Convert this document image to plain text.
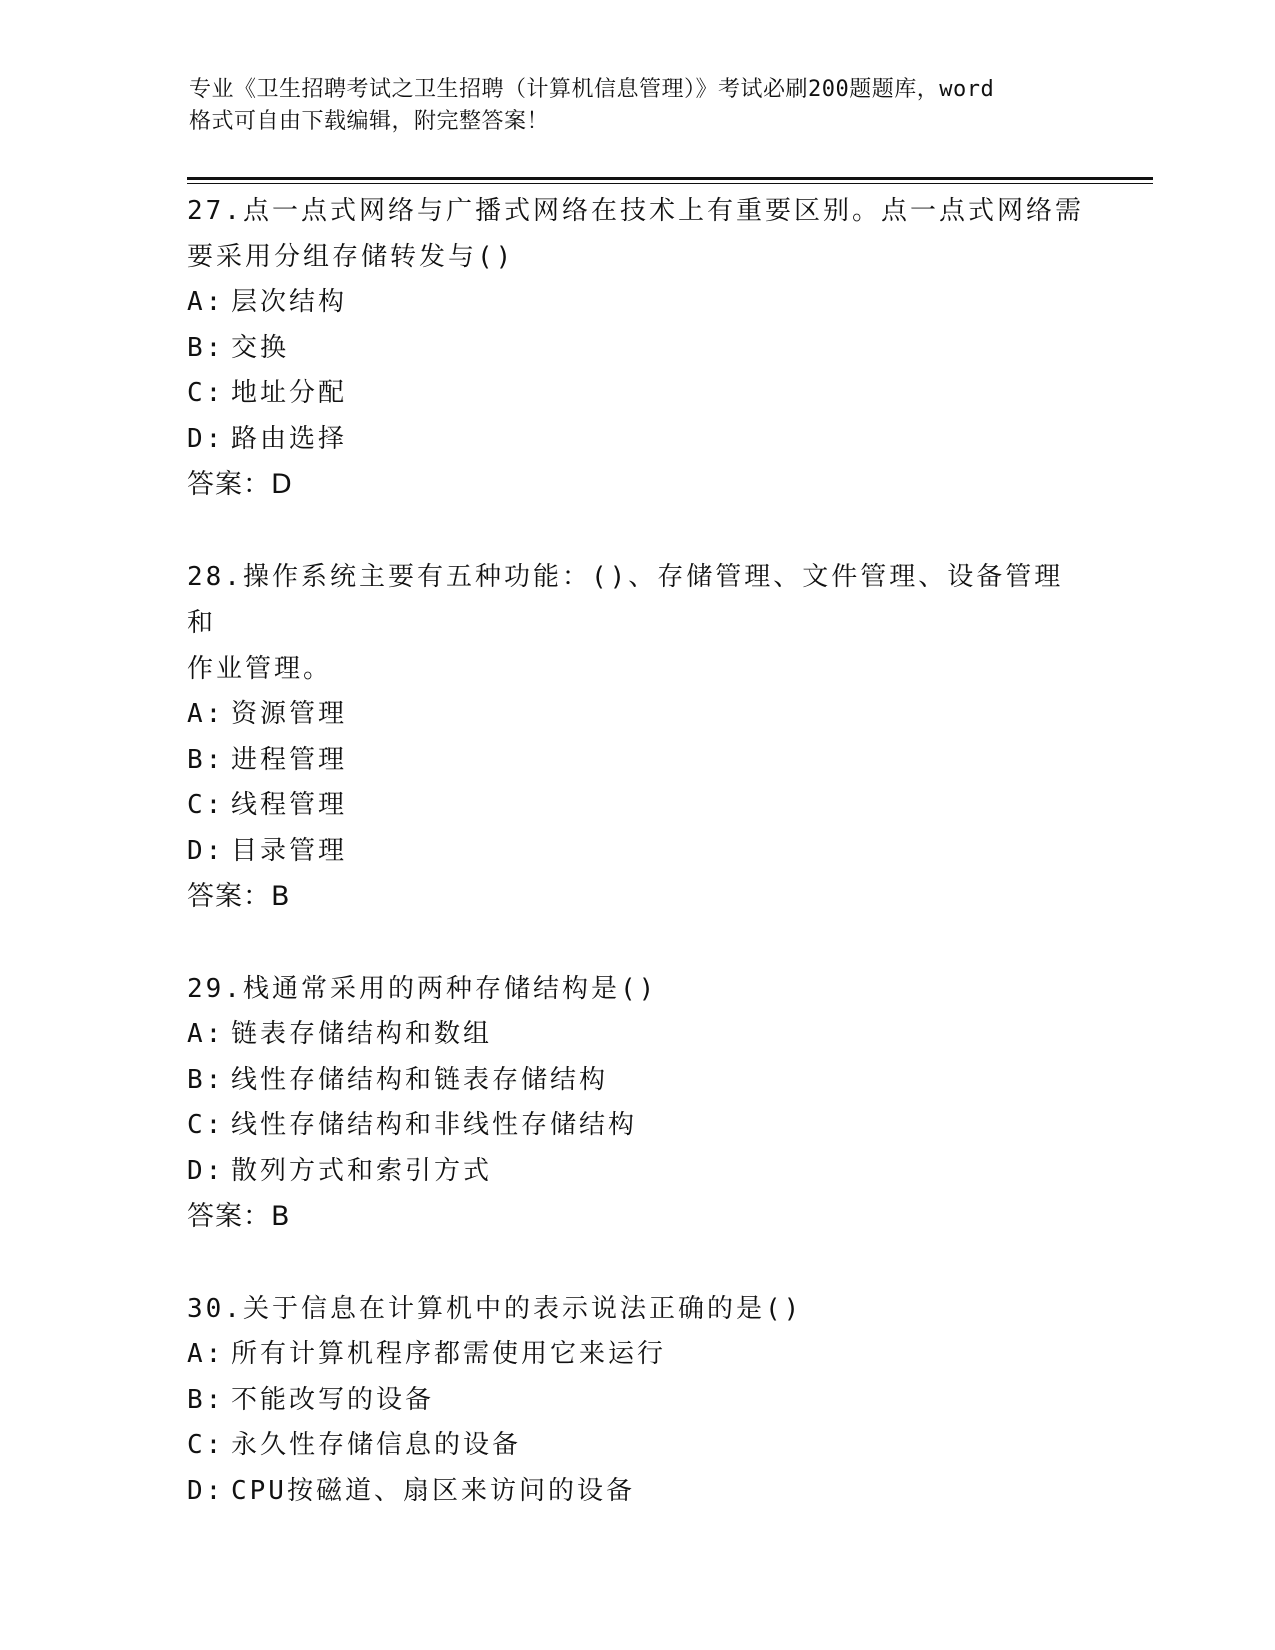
专业《卫生招聘考试之卫生招聘（计算机信息管理）》考试必刷200题题库，word
格式可自由下载编辑，附完整答案！

27.点一点式网络与广播式网络在技术上有重要区别。点一点式网络需
要采用分组存储转发与()

A: 层次结构

B: 交换

C: 地址分配

D: 路由选择

答案：D

28.操作系统主要有五种功能：()、存储管理、文件管理、设备管理和
作业管理。

A: 资源管理

B: 进程管理

C: 线程管理

D: 目录管理

答案：B

29.栈通常采用的两种存储结构是()

A: 链表存储结构和数组

B: 线性存储结构和链表存储结构

C: 线性存储结构和非线性存储结构

D: 散列方式和索引方式

答案：B

30.关于信息在计算机中的表示说法正确的是()

A: 所有计算机程序都需使用它来运行

B: 不能改写的设备

C: 永久性存储信息的设备

D: CPU按磁道、扇区来访问的设备
